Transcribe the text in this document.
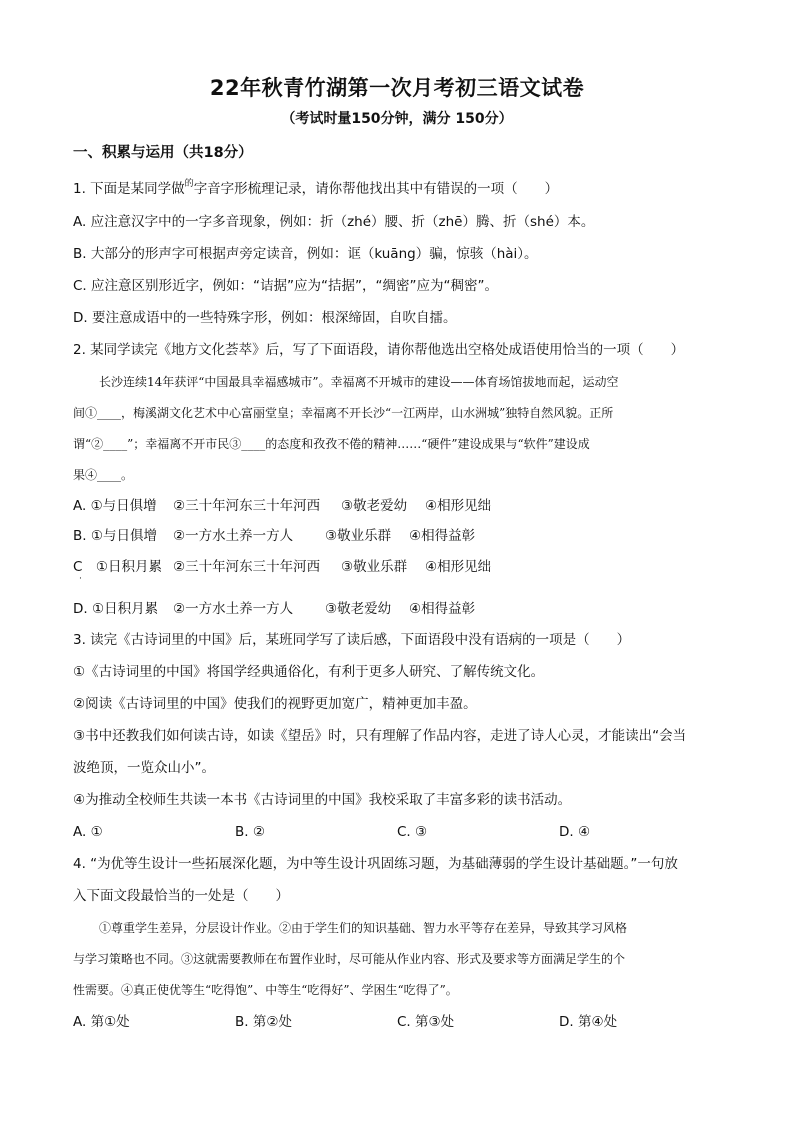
22年秋青竹湖第一次月考初三语文试卷
（考试时量150分钟，满分 150分）
一、积累与运用（共18分）
1. 下面是某同学做$^的$字音字形梳理记录，请你帮他找出其中有错误的一项（　　）
A. 应注意汉字中的一字多音现象，例如：折（zhé）腰、折（zhē）腾、折（shé）本。
B. 大部分的形声字可根据声旁定读音，例如：诓（kuāng）骗，惊骇（hài）。
C. 应注意区别形近字，例如：“诘据”应为“拮据”，“绸密”应为“稠密”。
D. 要注意成语中的一些特殊字形，例如：根深缔固，自吹自擂。
2. 某同学读完《地方文化荟萃》后，写了下面语段，请你帮他选出空格处成语使用恰当的一项（　　）
长沙连续14年获评“中国最具幸福感城市”。幸福离不开城市的建设——体育场馆拔地而起，运动空
间①____，梅溪湖文化艺术中心富丽堂皇；幸福离不开长沙“一江两岸，山水洲城”独特自然风貌。正所
谓“②____”；幸福离不开市民③____的态度和孜孜不倦的精神……“硬件”建设成果与“软件”建设成
果④____。
A. ①与日俱增 ②三十年河东三十年河西 ③敬老爱幼 ④相形见绌
B. ①与日俱增 ②一方水土养一方人 ③敬业乐群 ④相得益彰
C　①日积月累 ②三十年河东三十年河西 ③敬业乐群 ④相形见绌
·
D. ①日积月累 ②一方水土养一方人 ③敬老爱幼 ④相得益彰
3. 读完《古诗词里的中国》后，某班同学写了读后感，下面语段中没有语病的一项是（　　）
①《古诗词里的中国》将国学经典通俗化，有利于更多人研究、了解传统文化。
②阅读《古诗词里的中国》使我们的视野更加宽广，精神更加丰盈。
③书中还教我们如何读古诗，如读《望岳》时，只有理解了作品内容，走进了诗人心灵，才能读出“会当
波绝顶，一览众山小”。
④为推动全校师生共读一本书《古诗词里的中国》我校采取了丰富多彩的读书活动。
A. ①	B. ②	C. ③	D. ④
4. “为优等生设计一些拓展深化题，为中等生设计巩固练习题，为基础薄弱的学生设计基础题。”一句放
入下面文段最恰当的一处是（　　）
①尊重学生差异，分层设计作业。②由于学生们的知识基础、智力水平等存在差异，导致其学习风格
与学习策略也不同。③这就需要教师在布置作业时，尽可能从作业内容、形式及要求等方面满足学生的个
性需要。④真正使优等生“吃得饱”、中等生“吃得好”、学困生“吃得了”。
A. 第①处	B. 第②处	C. 第③处	D. 第④处
